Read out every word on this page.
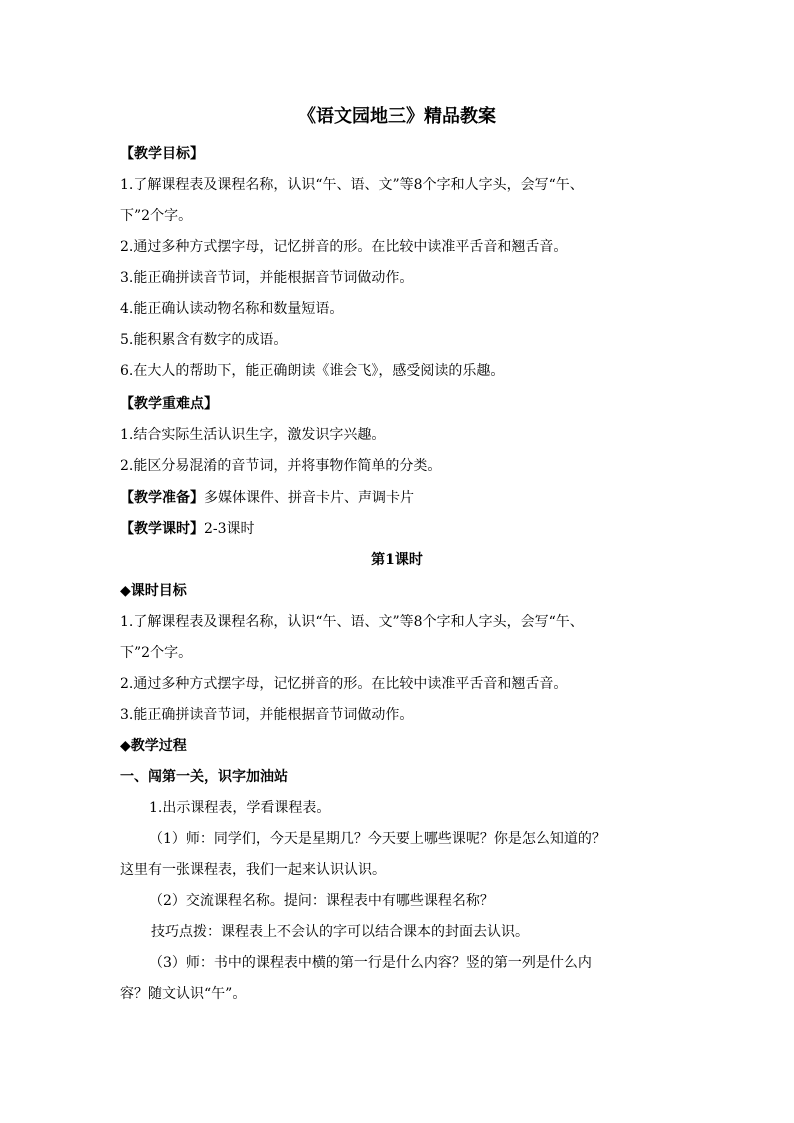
《语文园地三》精品教案
【教学目标】
1.了解课程表及课程名称，认识“午、语、文”等8个字和人字头，会写“午、
下”2个字。
2.通过多种方式摆字母，记忆拼音的形。在比较中读准平舌音和翘舌音。
3.能正确拼读音节词，并能根据音节词做动作。
4.能正确认读动物名称和数量短语。
5.能积累含有数字的成语。
6.在大人的帮助下，能正确朗读《谁会飞》，感受阅读的乐趣。
【教学重难点】
1.结合实际生活认识生字，激发识字兴趣。
2.能区分易混淆的音节词，并将事物作简单的分类。
【教学准备】多媒体课件、拼音卡片、声调卡片
【教学课时】2-3课时
第1课时
◆课时目标
1.了解课程表及课程名称，认识“午、语、文”等8个字和人字头，会写“午、
下”2个字。
2.通过多种方式摆字母，记忆拼音的形。在比较中读准平舌音和翘舌音。
3.能正确拼读音节词，并能根据音节词做动作。
◆教学过程
一、闯第一关，识字加油站
1.出示课程表，学看课程表。
（1）师：同学们，今天是星期几？今天要上哪些课呢？你是怎么知道的？
这里有一张课程表，我们一起来认识认识。
（2）交流课程名称。提问：课程表中有哪些课程名称？
技巧点拨：课程表上不会认的字可以结合课本的封面去认识。
（3）师：书中的课程表中横的第一行是什么内容？竖的第一列是什么内
容？随文认识“午”。
